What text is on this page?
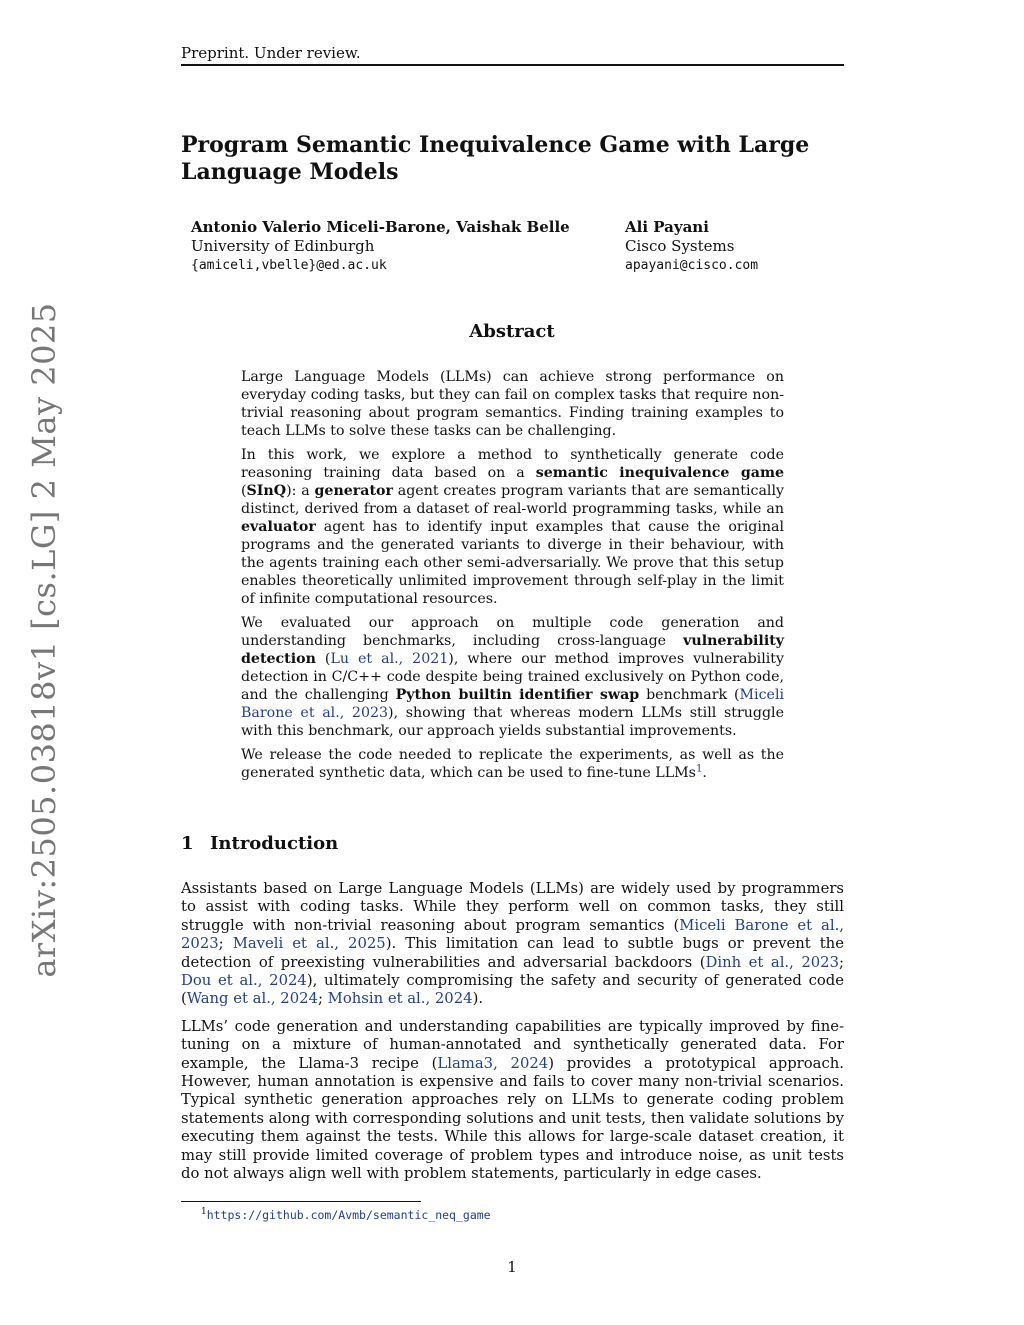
Preprint. Under review.
Program Semantic Inequivalence Game with Large Language Models
Antonio Valerio Miceli-Barone, Vaishak Belle
University of Edinburgh
{amiceli,vbelle}@ed.ac.uk
Ali Payani
Cisco Systems
apayani@cisco.com
Abstract

Large Language Models (LLMs) can achieve strong performance on everyday coding tasks, but they can fail on complex tasks that require non-trivial reasoning about program semantics. Finding training examples to teach LLMs to solve these tasks can be challenging.

In this work, we explore a method to synthetically generate code reasoning training data based on a semantic inequivalence game (SInQ): a generator agent creates program variants that are semantically distinct, derived from a dataset of real-world programming tasks, while an evaluator agent has to identify input examples that cause the original programs and the generated variants to diverge in their behaviour, with the agents training each other semi-adversarially. We prove that this setup enables theoretically unlimited improvement through self-play in the limit of infinite computational resources.

We evaluated our approach on multiple code generation and understanding benchmarks, including cross-language vulnerability detection (Lu et al., 2021), where our method improves vulnerability detection in C/C++ code despite being trained exclusively on Python code, and the challenging Python builtin identifier swap benchmark (Miceli Barone et al., 2023), showing that whereas modern LLMs still struggle with this benchmark, our approach yields substantial improvements.

We release the code needed to replicate the experiments, as well as the generated synthetic data, which can be used to fine-tune LLMs$^1$.

1 Introduction

Assistants based on Large Language Models (LLMs) are widely used by programmers to assist with coding tasks. While they perform well on common tasks, they still struggle with non-trivial reasoning about program semantics (Miceli Barone et al., 2023; Maveli et al., 2025). This limitation can lead to subtle bugs or prevent the detection of preexisting vulnerabilities and adversarial backdoors (Dinh et al., 2023; Dou et al., 2024), ultimately compromising the safety and security of generated code (Wang et al., 2024; Mohsin et al., 2024).

LLMs’ code generation and understanding capabilities are typically improved by fine-tuning on a mixture of human-annotated and synthetically generated data. For example, the Llama-3 recipe (Llama3, 2024) provides a prototypical approach. However, human annotation is expensive and fails to cover many non-trivial scenarios. Typical synthetic generation approaches rely on LLMs to generate coding problem statements along with corresponding solutions and unit tests, then validate solutions by executing them against the tests. While this allows for large-scale dataset creation, it may still provide limited coverage of problem types and introduce noise, as unit tests do not always align well with problem statements, particularly in edge cases.

$^1$https://github.com/Avmb/semantic_neq_game
1
arXiv:2505.03818v1 [cs.LG] 2 May 2025
